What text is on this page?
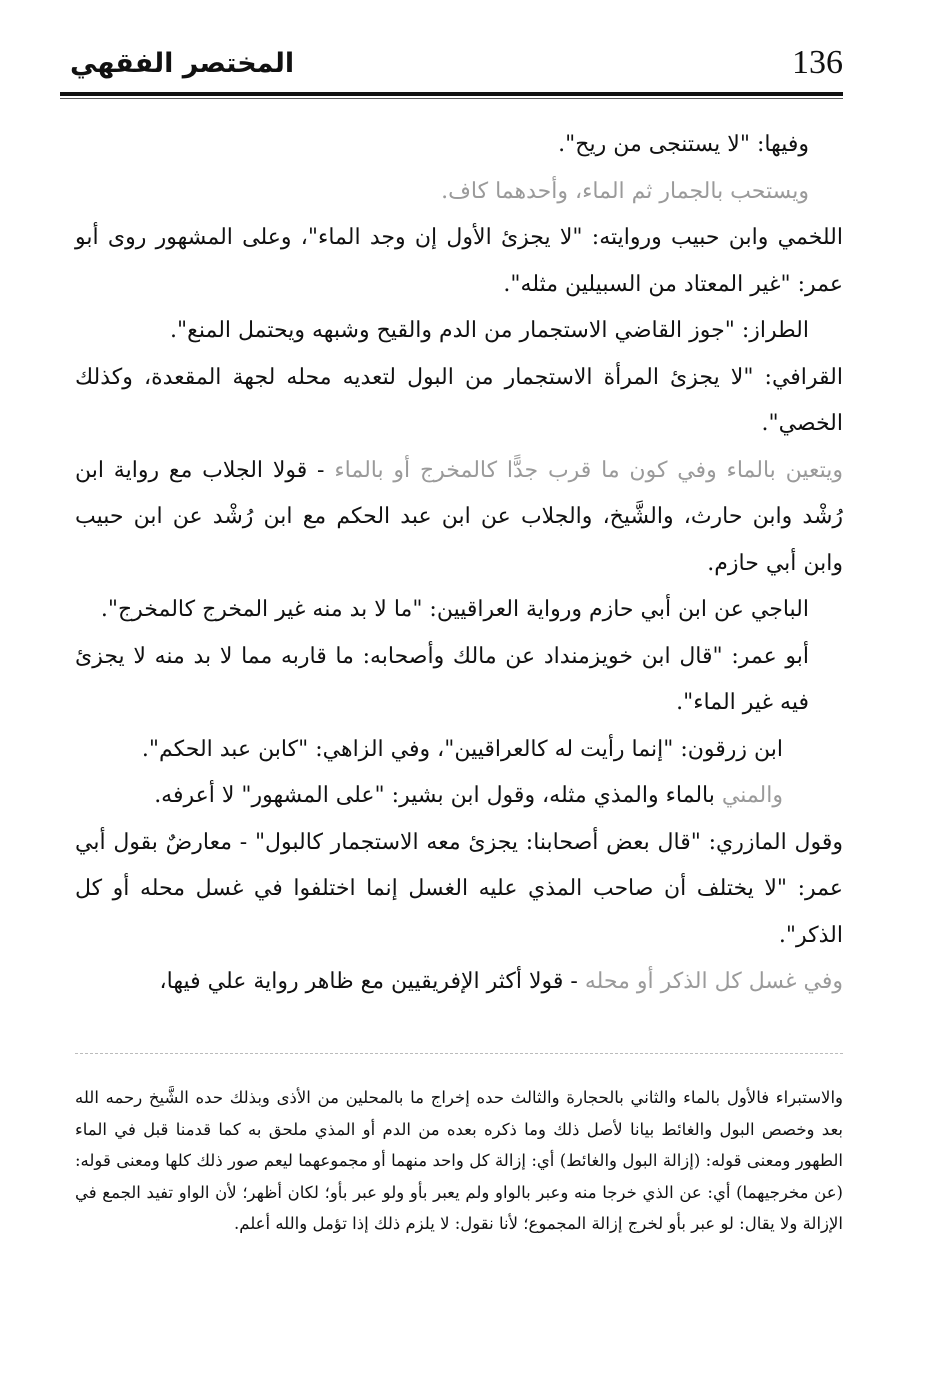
المختصر الفقهي	136

وفيها: "لا يستنجى من ريح".

ويستحب بالجمار ثم الماء، وأحدهما كاف.

اللخمي وابن حبيب وروايته: "لا يجزئ الأول إن وجد الماء"، وعلى المشهور روى أبو عمر: "غير المعتاد من السبيلين مثله".

الطراز: "جوز القاضي الاستجمار من الدم والقيح وشبهه ويحتمل المنع".

القرافي: "لا يجزئ المرأة الاستجمار من البول لتعديه محله لجهة المقعدة، وكذلك الخصي".

ويتعين بالماء وفي كون ما قرب جدًّا كالمخرج أو بالماء - قولا الجلاب مع رواية ابن رُشْد وابن حارث، والشَّيخ، والجلاب عن ابن عبد الحكم مع ابن رُشْد عن ابن حبيب وابن أبي حازم.

الباجي عن ابن أبي حازم ورواية العراقيين: "ما لا بد منه غير المخرج كالمخرج".

أبو عمر: "قال ابن خويزمنداد عن مالك وأصحابه: ما قاربه مما لا بد منه لا يجزئ فيه غير الماء".

ابن زرقون: "إنما رأيت له كالعراقيين"، وفي الزاهي: "كابن عبد الحكم".

والمني بالماء والمذي مثله، وقول ابن بشير: "على المشهور" لا أعرفه.

وقول المازري: "قال بعض أصحابنا: يجزئ معه الاستجمار كالبول" - معارضٌ بقول أبي عمر: "لا يختلف أن صاحب المذي عليه الغسل إنما اختلفوا في غسل محله أو كل الذكر".

وفي غسل كل الذكر أو محله - قولا أكثر الإفريقيين مع ظاهر رواية علي فيها،

والاستبراء فالأول بالماء والثاني بالحجارة والثالث حده إخراج ما بالمحلين من الأذى وبذلك حده الشَّيخ رحمه الله بعد وخصص البول والغائط بيانا لأصل ذلك وما ذكره بعده من الدم أو المذي ملحق به كما قدمنا قبل في الماء الطهور ومعنى قوله: (إزالة البول والغائط) أي: إزالة كل واحد منهما أو مجموعهما ليعم صور ذلك كلها ومعنى قوله: (عن مخرجيهما) أي: عن الذي خرجا منه وعبر بالواو ولم يعبر بأو ولو عبر بأو؛ لكان أظهر؛ لأن الواو تفيد الجمع في الإزالة ولا يقال: لو عبر بأو لخرج إزالة المجموع؛ لأنا نقول: لا يلزم ذلك إذا تؤمل والله أعلم.
